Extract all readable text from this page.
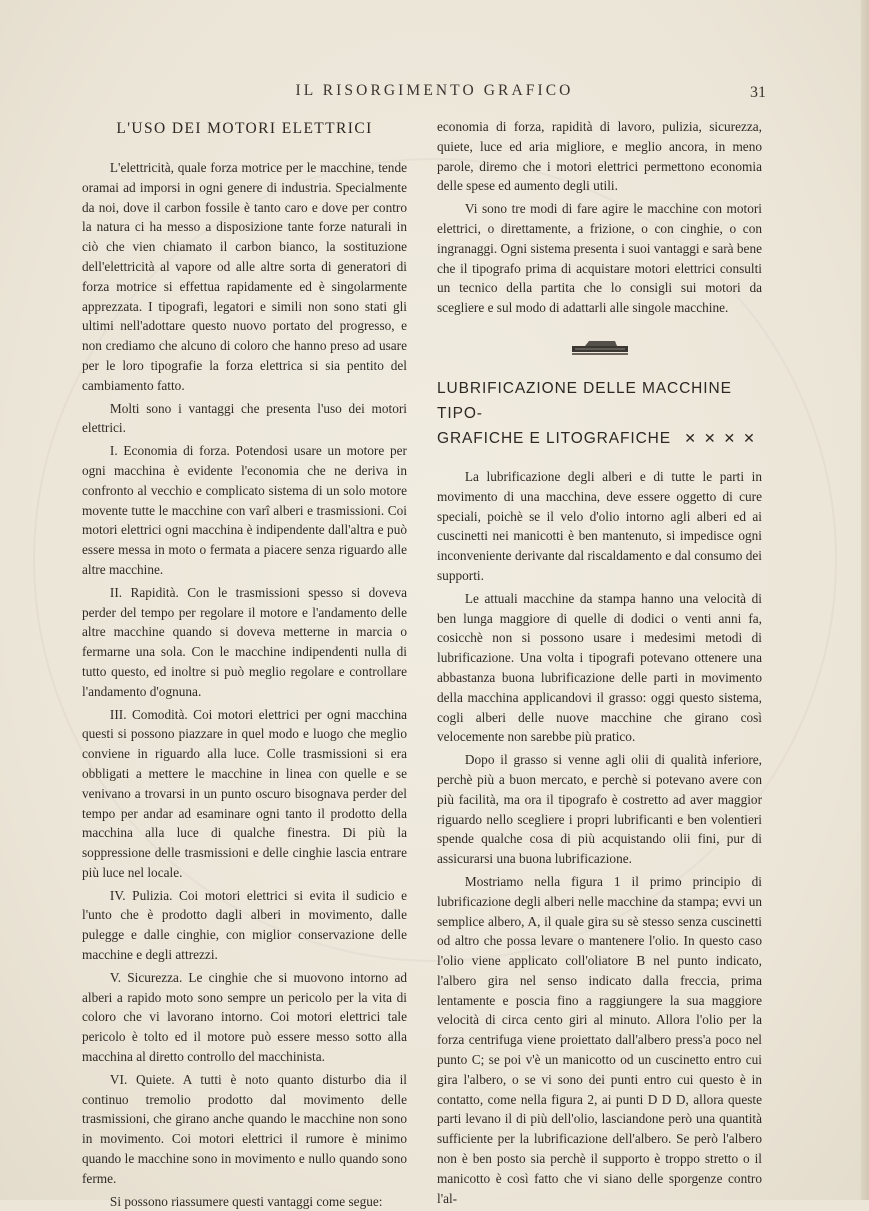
IL RISORGIMENTO GRAFICO	31
L'USO DEI MOTORI ELETTRICI

L'elettricità, quale forza motrice per le macchine, tende oramai ad imporsi in ogni genere di industria. Specialmente da noi, dove il carbon fossile è tanto caro e dove per contro la natura ci ha messo a disposizione tante forze naturali in ciò che vien chiamato il carbon bianco, la sostituzione dell'elettricità al vapore od alle altre sorta di generatori di forza motrice si effettua rapidamente ed è singolarmente apprezzata. I tipografi, legatori e simili non sono stati gli ultimi nell'adottare questo nuovo portato del progresso, e non crediamo che alcuno di coloro che hanno preso ad usare per le loro tipografie la forza elettrica si sia pentito del cambiamento fatto.

Molti sono i vantaggi che presenta l'uso dei motori elettrici.

I. Economia di forza. Potendosi usare un motore per ogni macchina è evidente l'economia che ne deriva in confronto al vecchio e complicato sistema di un solo motore movente tutte le macchine con varî alberi e trasmissioni. Coi motori elettrici ogni macchina è indipendente dall'altra e può essere messa in moto o fermata a piacere senza riguardo alle altre macchine.

II. Rapidità. Con le trasmissioni spesso si doveva perder del tempo per regolare il motore e l'andamento delle altre macchine quando si doveva metterne in marcia o fermarne una sola. Con le macchine indipendenti nulla di tutto questo, ed inoltre si può meglio regolare e controllare l'andamento d'ognuna.

III. Comodità. Coi motori elettrici per ogni macchina questi si possono piazzare in quel modo e luogo che meglio conviene in riguardo alla luce. Colle trasmissioni si era obbligati a mettere le macchine in linea con quelle e se venivano a trovarsi in un punto oscuro bisognava perder del tempo per andar ad esaminare ogni tanto il prodotto della macchina alla luce di qualche finestra. Di più la soppressione delle trasmissioni e delle cinghie lascia entrare più luce nel locale.

IV. Pulizia. Coi motori elettrici si evita il sudicio e l'unto che è prodotto dagli alberi in movimento, dalle pulegge e dalle cinghie, con miglior conservazione delle macchine e degli attrezzi.

V. Sicurezza. Le cinghie che si muovono intorno ad alberi a rapido moto sono sempre un pericolo per la vita di coloro che vi lavorano intorno. Coi motori elettrici tale pericolo è tolto ed il motore può essere messo sotto alla macchina al diretto controllo del macchinista.

VI. Quiete. A tutti è noto quanto disturbo dia il continuo tremolio prodotto dal movimento delle trasmissioni, che girano anche quando le macchine non sono in movimento. Coi motori elettrici il rumore è minimo quando le macchine sono in movimento e nullo quando sono ferme.

Si possono riassumere questi vantaggi come segue:

economia di forza, rapidità di lavoro, pulizia, sicurezza, quiete, luce ed aria migliore, e meglio ancora, in meno parole, diremo che i motori elettrici permettono economia delle spese ed aumento degli utili.

Vi sono tre modi di fare agire le macchine con motori elettrici, o direttamente, a frizione, o con cinghie, o con ingranaggi. Ogni sistema presenta i suoi vantaggi e sarà bene che il tipografo prima di acquistare motori elettrici consulti un tecnico della partita che lo consigli sui motori da scegliere e sul modo di adattarli alle singole macchine.

LUBRIFICAZIONE DELLE MACCHINE TIPO-
GRAFICHE E LITOGRAFICHE ✕ ✕ ✕ ✕

La lubrificazione degli alberi e di tutte le parti in movimento di una macchina, deve essere oggetto di cure speciali, poichè se il velo d'olio intorno agli alberi ed ai cuscinetti nei manicotti è ben mantenuto, si impedisce ogni inconveniente derivante dal riscaldamento e dal consumo dei supporti.

Le attuali macchine da stampa hanno una velocità di ben lunga maggiore di quelle di dodici o venti anni fa, cosicchè non si possono usare i medesimi metodi di lubrificazione. Una volta i tipografi potevano ottenere una abbastanza buona lubrificazione delle parti in movimento della macchina applicandovi il grasso: oggi questo sistema, cogli alberi delle nuove macchine che girano così velocemente non sarebbe più pratico.

Dopo il grasso si venne agli olii di qualità inferiore, perchè più a buon mercato, e perchè si potevano avere con più facilità, ma ora il tipografo è costretto ad aver maggior riguardo nello scegliere i propri lubrificanti e ben volentieri spende qualche cosa di più acquistando olii fini, pur di assicurarsi una buona lubrificazione.

Mostriamo nella figura 1 il primo principio di lubrificazione degli alberi nelle macchine da stampa; evvi un semplice albero, A, il quale gira su sè stesso senza cuscinetti od altro che possa levare o mantenere l'olio. In questo caso l'olio viene applicato coll'oliatore B nel punto indicato, l'albero gira nel senso indicato dalla freccia, prima lentamente e poscia fino a raggiungere la sua maggiore velocità di circa cento giri al minuto. Allora l'olio per la forza centrifuga viene proiettato dall'albero press'a poco nel punto C; se poi v'è un manicotto od un cuscinetto entro cui gira l'albero, o se vi sono dei punti entro cui questo è in contatto, come nella figura 2, ai punti D D D, allora queste parti levano il di più dell'olio, lasciandone però una quantità sufficiente per la lubrificazione dell'albero. Se però l'albero non è ben posto sia perchè il supporto è troppo stretto o il manicotto è così fatto che vi siano delle sporgenze contro l'al-
